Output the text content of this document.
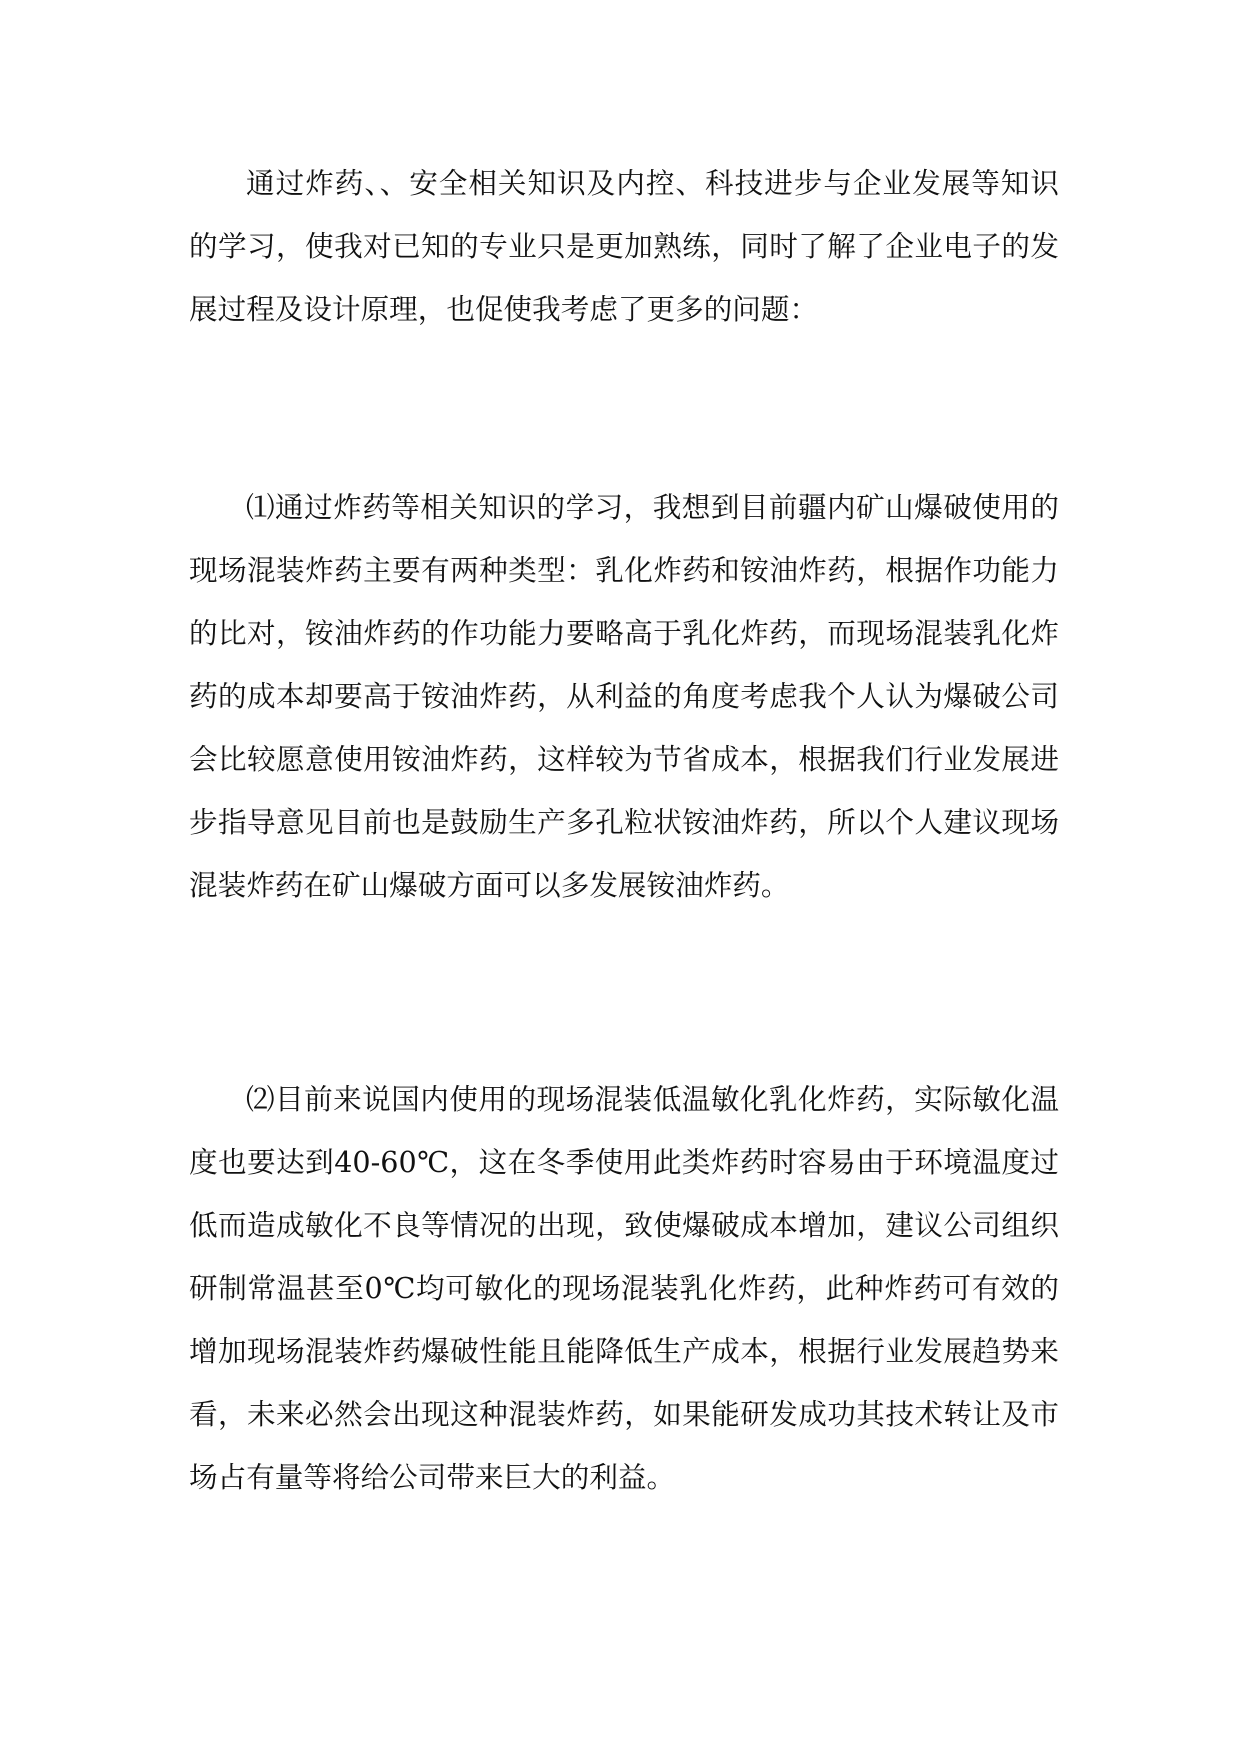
通过炸药、、安全相关知识及内控、科技进步与企业发展等知识的学习，使我对已知的专业只是更加熟练，同时了解了企业电子的发展过程及设计原理，也促使我考虑了更多的问题：

⑴通过炸药等相关知识的学习，我想到目前疆内矿山爆破使用的现场混装炸药主要有两种类型：乳化炸药和铵油炸药，根据作功能力的比对，铵油炸药的作功能力要略高于乳化炸药，而现场混装乳化炸药的成本却要高于铵油炸药，从利益的角度考虑我个人认为爆破公司会比较愿意使用铵油炸药，这样较为节省成本，根据我们行业发展进步指导意见目前也是鼓励生产多孔粒状铵油炸药，所以个人建议现场混装炸药在矿山爆破方面可以多发展铵油炸药。

⑵目前来说国内使用的现场混装低温敏化乳化炸药，实际敏化温度也要达到40-60℃，这在冬季使用此类炸药时容易由于环境温度过低而造成敏化不良等情况的出现，致使爆破成本增加，建议公司组织研制常温甚至0℃均可敏化的现场混装乳化炸药，此种炸药可有效的增加现场混装炸药爆破性能且能降低生产成本，根据行业发展趋势来看，未来必然会出现这种混装炸药，如果能研发成功其技术转让及市场占有量等将给公司带来巨大的利益。
